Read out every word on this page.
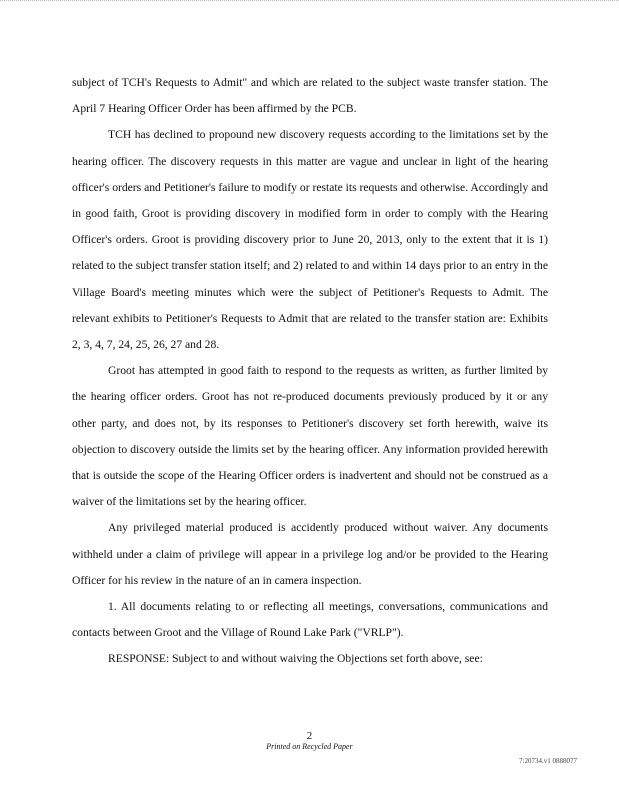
subject of TCH's Requests to Admit" and which are related to the subject waste transfer station. The April 7 Hearing Officer Order has been affirmed by the PCB.

TCH has declined to propound new discovery requests according to the limitations set by the hearing officer. The discovery requests in this matter are vague and unclear in light of the hearing officer's orders and Petitioner's failure to modify or restate its requests and otherwise. Accordingly and in good faith, Groot is providing discovery in modified form in order to comply with the Hearing Officer's orders. Groot is providing discovery prior to June 20, 2013, only to the extent that it is 1) related to the subject transfer station itself; and 2) related to and within 14 days prior to an entry in the Village Board's meeting minutes which were the subject of Petitioner's Requests to Admit. The relevant exhibits to Petitioner's Requests to Admit that are related to the transfer station are: Exhibits 2, 3, 4, 7, 24, 25, 26, 27 and 28.

Groot has attempted in good faith to respond to the requests as written, as further limited by the hearing officer orders. Groot has not re-produced documents previously produced by it or any other party, and does not, by its responses to Petitioner's discovery set forth herewith, waive its objection to discovery outside the limits set by the hearing officer. Any information provided herewith that is outside the scope of the Hearing Officer orders is inadvertent and should not be construed as a waiver of the limitations set by the hearing officer.

Any privileged material produced is accidently produced without waiver. Any documents withheld under a claim of privilege will appear in a privilege log and/or be provided to the Hearing Officer for his review in the nature of an in camera inspection.

1. All documents relating to or reflecting all meetings, conversations, communications and contacts between Groot and the Village of Round Lake Park ("VRLP").

RESPONSE: Subject to and without waiving the Objections set forth above, see:

2
Printed on Recycled Paper
7:20734.v1 0888077
